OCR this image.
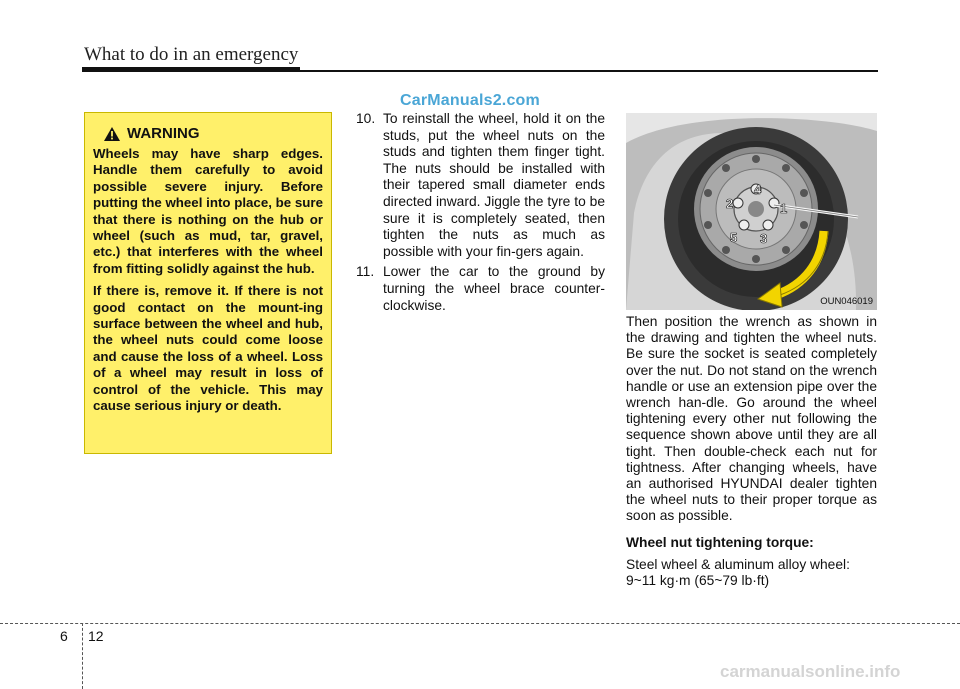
What to do in an emergency
CarManuals2.com
WARNING

Wheels may have sharp edges. Handle them carefully to avoid possible severe injury. Before putting the wheel into place, be sure that there is nothing on the hub or wheel (such as mud, tar, gravel, etc.) that interferes with the wheel from fitting solidly against the hub.

If there is, remove it. If there is not good contact on the mount-ing surface between the wheel and hub, the wheel nuts could come loose and cause the loss of a wheel. Loss of a wheel may result in loss of control of the vehicle. This may cause serious injury or death.

10. To reinstall the wheel, hold it on the studs, put the wheel nuts on the studs and tighten them finger tight. The nuts should be installed with their tapered small diameter ends directed inward. Jiggle the tyre to be sure it is completely seated, then tighten the nuts as much as possible with your fin-gers again.
11. Lower the car to the ground by turning the wheel brace counter-clockwise.
1
2
3
4
5
OUN046019

Then position the wrench as shown in the drawing and tighten the wheel nuts. Be sure the socket is seated completely over the nut. Do not stand on the wrench handle or use an extension pipe over the wrench han-dle. Go around the wheel tightening every other nut following the sequence shown above until they are all tight. Then double-check each nut for tightness. After changing wheels, have an authorised HYUNDAI dealer tighten the wheel nuts to their proper torque as soon as possible.

Wheel nut tightening torque:

Steel wheel & aluminum alloy wheel:
9~11 kg·m (65~79 lb·ft)
6 12
carmanualsonline.info
